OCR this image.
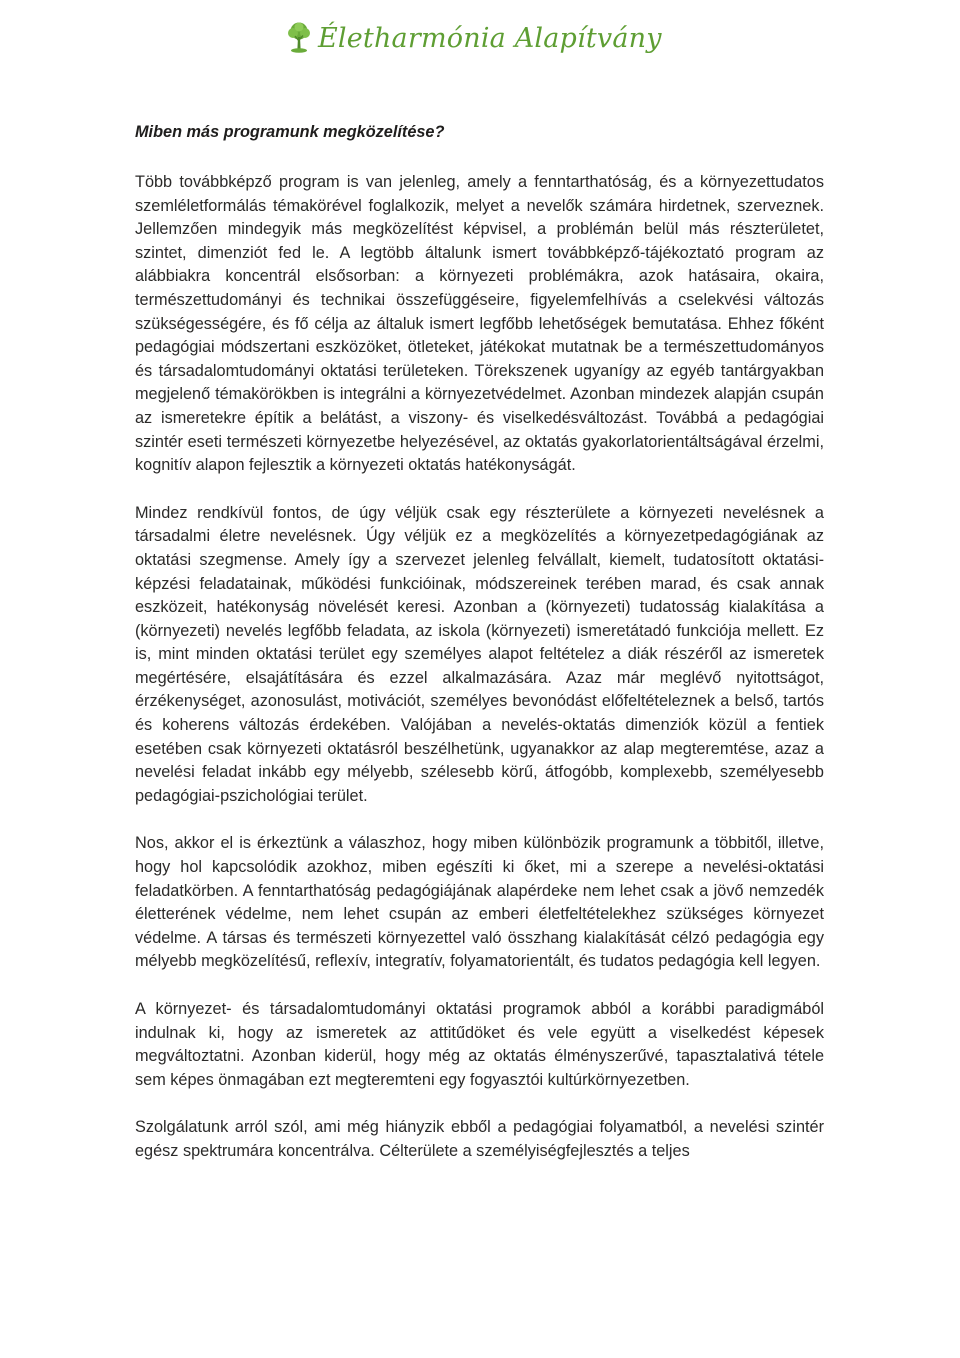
Életharmónia Alapítvány
Miben más programunk megközelítése?

Több továbbképző program is van jelenleg, amely a fenntarthatóság, és a környezettudatos szemléletformálás témakörével foglalkozik, melyet a nevelők számára hirdetnek, szerveznek. Jellemzően mindegyik más megközelítést képvisel, a problémán belül más részterületet, szintet, dimenziót fed le. A legtöbb általunk ismert továbbképző-tájékoztató program az alábbiakra koncentrál elsősorban: a környezeti problémákra, azok hatásaira, okaira, természettudományi és technikai összefüggéseire, figyelemfelhívás a cselekvési változás szükségességére, és fő célja az általuk ismert legfőbb lehetőségek bemutatása. Ehhez főként pedagógiai módszertani eszközöket, ötleteket, játékokat mutatnak be a természettudományos és társadalomtudományi oktatási területeken. Törekszenek ugyanígy az egyéb tantárgyakban megjelenő témakörökben is integrálni a környezetvédelmet. Azonban mindezek alapján csupán az ismeretekre építik a belátást, a viszony- és viselkedésváltozást. Továbbá a pedagógiai szintér eseti természeti környezetbe helyezésével, az oktatás gyakorlatorientáltságával érzelmi, kognitív alapon fejlesztik a környezeti oktatás hatékonyságát.

Mindez rendkívül fontos, de úgy véljük csak egy részterülete a környezeti nevelésnek a társadalmi életre nevelésnek. Úgy véljük ez a megközelítés a környezetpedagógiának az oktatási szegmense. Amely így a szervezet jelenleg felvállalt, kiemelt, tudatosított oktatási-képzési feladatainak, működési funkcióinak, módszereinek terében marad, és csak annak eszközeit, hatékonyság növelését keresi. Azonban a (környezeti) tudatosság kialakítása a (környezeti) nevelés legfőbb feladata, az iskola (környezeti) ismeretátadó funkciója mellett. Ez is, mint minden oktatási terület egy személyes alapot feltételez a diák részéről az ismeretek megértésére, elsajátítására és ezzel alkalmazására. Azaz már meglévő nyitottságot, érzékenységet, azonosulást, motivációt, személyes bevonódást előfeltételeznek a belső, tartós és koherens változás érdekében. Valójában a nevelés-oktatás dimenziók közül a fentiek esetében csak környezeti oktatásról beszélhetünk, ugyanakkor az alap megteremtése, azaz a nevelési feladat inkább egy mélyebb, szélesebb körű, átfogóbb, komplexebb, személyesebb pedagógiai-pszichológiai terület.

Nos, akkor el is érkeztünk a válaszhoz, hogy miben különbözik programunk a többitől, illetve, hogy hol kapcsolódik azokhoz, miben egészíti ki őket, mi a szerepe a nevelési-oktatási feladatkörben. A fenntarthatóság pedagógiájának alapérdeke nem lehet csak a jövő nemzedék életterének védelme, nem lehet csupán az emberi életfeltételekhez szükséges környezet védelme. A társas és természeti környezettel való összhang kialakítását célzó pedagógia egy mélyebb megközelítésű, reflexív, integratív, folyamatorientált, és tudatos pedagógia kell legyen.

A környezet- és társadalomtudományi oktatási programok abból a korábbi paradigmából indulnak ki, hogy az ismeretek az attitűdöket és vele együtt a viselkedést képesek megváltoztatni. Azonban kiderül, hogy még az oktatás élményszerűvé, tapasztalativá tétele sem képes önmagában ezt megteremteni egy fogyasztói kultúrkörnyezetben.

Szolgálatunk arról szól, ami még hiányzik ebből a pedagógiai folyamatból, a nevelési szintér egész spektrumára koncentrálva. Célterülete a személyiségfejlesztés a teljes
